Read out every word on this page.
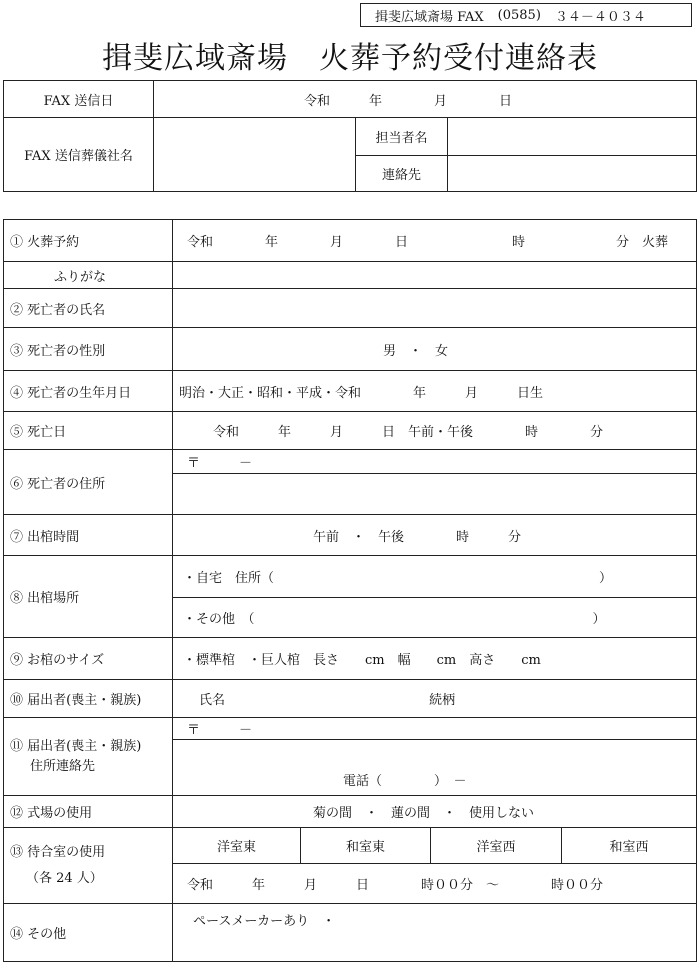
揖斐広域斎場 FAX (0585) ３４－４０３４
揖斐広域斎場　火葬予約受付連絡表
FAX 送信日	令和　　　年　　　　月　　　　日		
FAX 送信葬儀社名		担当者名	
		連絡先	
① 火葬予約	令和　　　　年　　　　月　　　　日　　　　　　　　時　　　　　　　分　火葬			
ふりがな				
② 死亡者の氏名				
③ 死亡者の性別	男　・　女			
④ 死亡者の生年月日	明治・大正・昭和・平成・令和　　　　年　　　月　　　日生			
⑤ 死亡日	令和　　　年　　　月　　　日　午前・午後　　　　時　　　　分			
⑥ 死亡者の住所	〒　　　－			

⑦ 出棺時間	午前　・　午後　　　　時　　　分			
⑧ 出棺場所	・自宅　住所（　　　　　　　　　　　　　　　　　　　　　　　　　）			
	・その他　（　　　　　　　　　　　　　　　　　　　　　　　　　　）			
⑨ お棺のサイズ	・標準棺　・巨人棺　長さ　　cm　幅　　cm　高さ　　cm			
⑩ 届出者(喪主・親族)	氏名 続柄			

⑪ 届出者(喪主・親族)
住所連絡先	〒　　　－			
	電話（　　　　）　－			
⑫ 式場の使用	菊の間　・　蓮の間　・　使用しない			

⑬ 待合室の使用
（各 24 人）	洋室東	和室東	洋室西	和室西
	令和　　　年　　　月　　　日　　　　時００分　～　　　　時００分			
⑭ その他	ペースメーカーあり　・			
